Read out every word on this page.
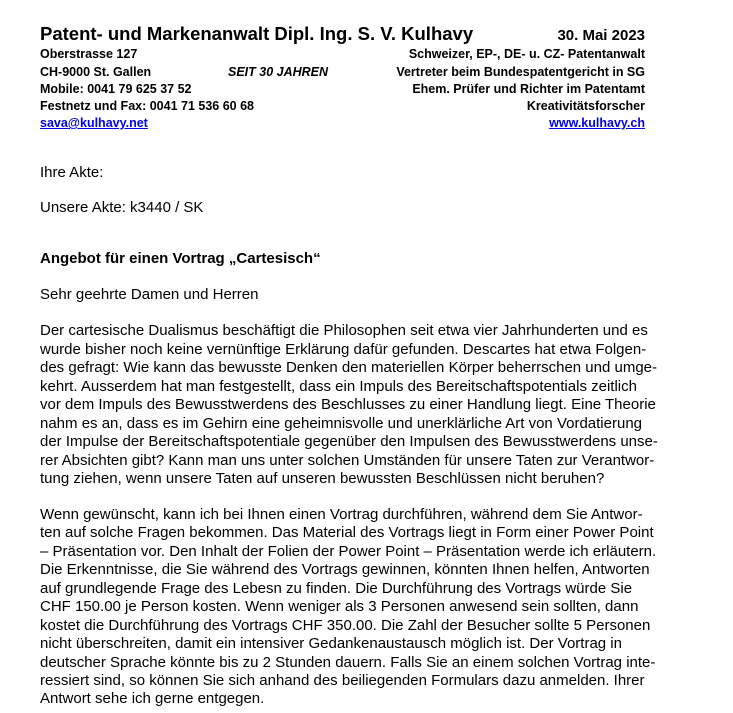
Patent- und Markenanwalt Dipl. Ing. S. V. Kulhavy	30. Mai 2023
Oberstrasse 127
CH-9000 St. Gallen
Mobile: 0041 79 625 37 52
Festnetz und Fax: 0041 71 536 60 68
sava@kulhavy.net
SEIT 30 JAHREN
Schweizer, EP-, DE- u. CZ- Patentanwalt
Vertreter beim Bundespatentgericht in SG
Ehem. Prüfer und Richter im Patentamt
Kreativitätsforscher
www.kulhavy.ch
Ihre Akte:
Unsere Akte: k3440 / SK
Angebot für einen Vortrag „Cartesisch“
Sehr geehrte Damen und Herren
Der cartesische Dualismus beschäftigt die Philosophen seit etwa vier Jahrhunderten und es
wurde bisher noch keine vernünftige Erklärung dafür gefunden. Descartes hat etwa Folgen-
des gefragt: Wie kann das bewusste Denken den materiellen Körper beherrschen und umge-
kehrt. Ausserdem hat man festgestellt, dass ein Impuls des Bereitschaftspotentials zeitlich
vor dem Impuls des Bewusstwerdens des Beschlusses zu einer Handlung liegt. Eine Theorie
nahm es an, dass es im Gehirn eine geheimnisvolle und unerklärliche Art von Vordatierung
der Impulse der Bereitschaftspotentiale gegenüber den Impulsen des Bewusstwerdens unse-
rer Absichten gibt? Kann man uns unter solchen Umständen für unsere Taten zur Verantwor-
tung ziehen, wenn unsere Taten auf unseren bewussten Beschlüssen nicht beruhen?
Wenn gewünscht, kann ich bei Ihnen einen Vortrag durchführen, während dem Sie Antwor-
ten auf solche Fragen bekommen. Das Material des Vortrags liegt in Form einer Power Point
– Präsentation vor. Den Inhalt der Folien der Power Point – Präsentation werde ich erläutern.
Die Erkenntnisse, die Sie während des Vortrags gewinnen, könnten Ihnen helfen, Antworten
auf grundlegende Frage des Lebesn zu finden. Die Durchführung des Vortrags würde Sie
CHF 150.00 je Person kosten. Wenn weniger als 3 Personen anwesend sein sollten, dann
kostet die Durchführung des Vortrags CHF 350.00. Die Zahl der Besucher sollte 5 Personen
nicht überschreiten, damit ein intensiver Gedankenaustausch möglich ist. Der Vortrag in
deutscher Sprache könnte bis zu 2 Stunden dauern. Falls Sie an einem solchen Vortrag inte-
ressiert sind, so können Sie sich anhand des beiliegenden Formulars dazu anmelden. Ihrer
Antwort sehe ich gerne entgegen.
